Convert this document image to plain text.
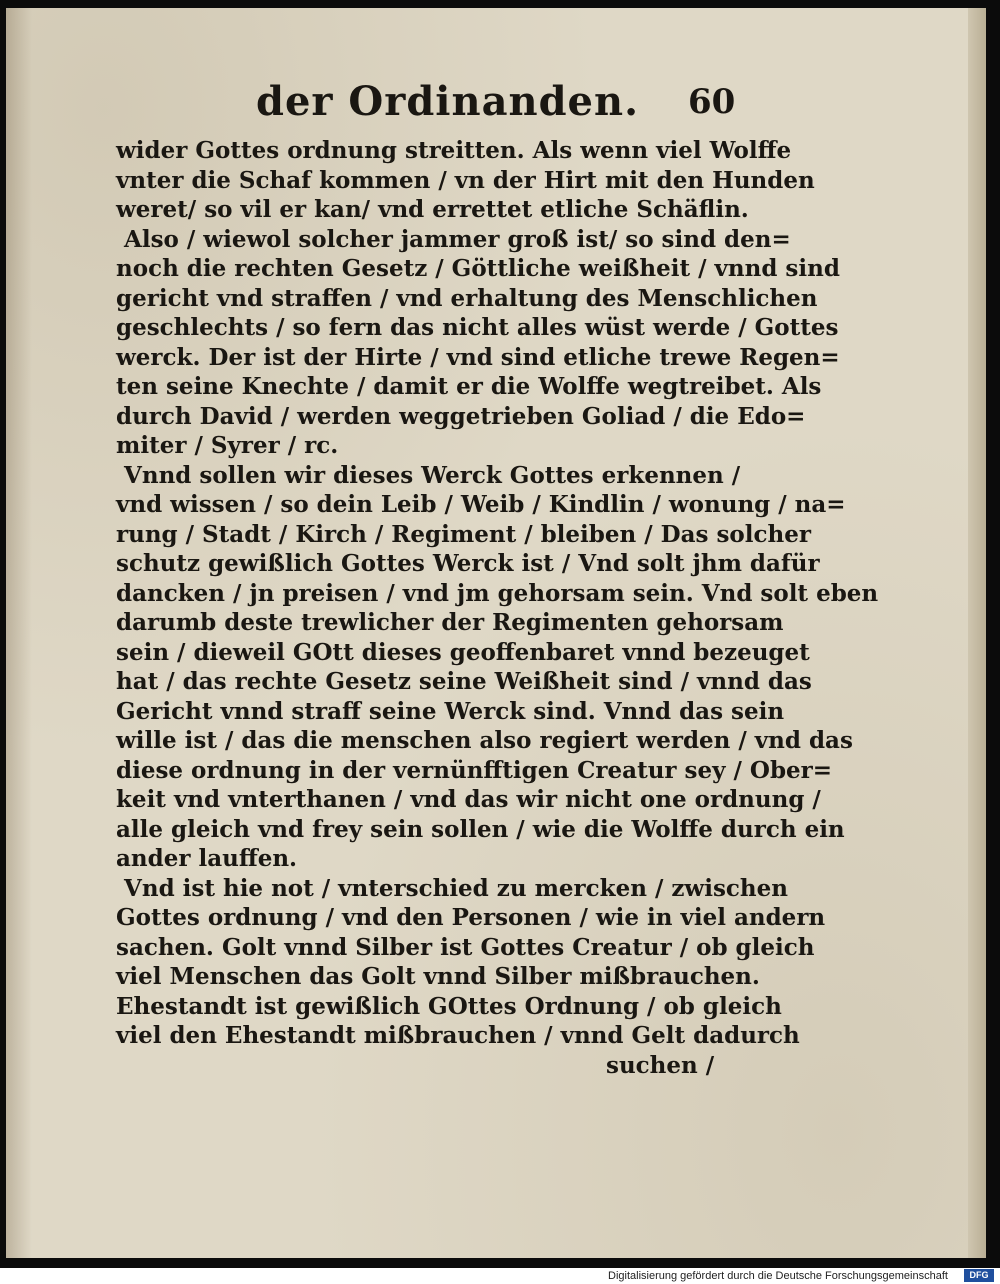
der Ordinanden. 60
wider Gottes ordnung streitten. Als wenn viel Wolffe
vnter die Schaf kommen / vn der Hirt mit den Hunden
weret/ so vil er kan/ vnd errettet etliche Schäflin.
Also / wiewol solcher jammer groß ist/ so sind den=
noch die rechten Gesetz / Göttliche weißheit / vnnd sind
gericht vnd straffen / vnd erhaltung des Menschlichen
geschlechts / so fern das nicht alles wüst werde / Gottes
werck. Der ist der Hirte / vnd sind etliche trewe Regen=
ten seine Knechte / damit er die Wolffe wegtreibet. Als
durch David / werden weggetrieben Goliad / die Edo=
miter / Syrer / rc.
Vnnd sollen wir dieses Werck Gottes erkennen /
vnd wissen / so dein Leib / Weib / Kindlin / wonung / na=
rung / Stadt / Kirch / Regiment / bleiben / Das solcher
schutz gewißlich Gottes Werck ist / Vnd solt jhm dafür
dancken / jn preisen / vnd jm gehorsam sein. Vnd solt eben
darumb deste trewlicher der Regimenten gehorsam
sein / dieweil GOtt dieses geoffenbaret vnnd bezeuget
hat / das rechte Gesetz seine Weißheit sind / vnnd das
Gericht vnnd straff seine Werck sind. Vnnd das sein
wille ist / das die menschen also regiert werden / vnd das
diese ordnung in der vernünfftigen Creatur sey / Ober=
keit vnd vnterthanen / vnd das wir nicht one ordnung /
alle gleich vnd frey sein sollen / wie die Wolffe durch ein
ander lauffen.
Vnd ist hie not / vnterschied zu mercken / zwischen
Gottes ordnung / vnd den Personen / wie in viel andern
sachen. Golt vnnd Silber ist Gottes Creatur / ob gleich
viel Menschen das Golt vnnd Silber mißbrauchen.
Ehestandt ist gewißlich GOttes Ordnung / ob gleich
viel den Ehestandt mißbrauchen / vnnd Gelt dadurch
suchen /
Digitalisierung gefördert durch die Deutsche Forschungsgemeinschaft	DFG
